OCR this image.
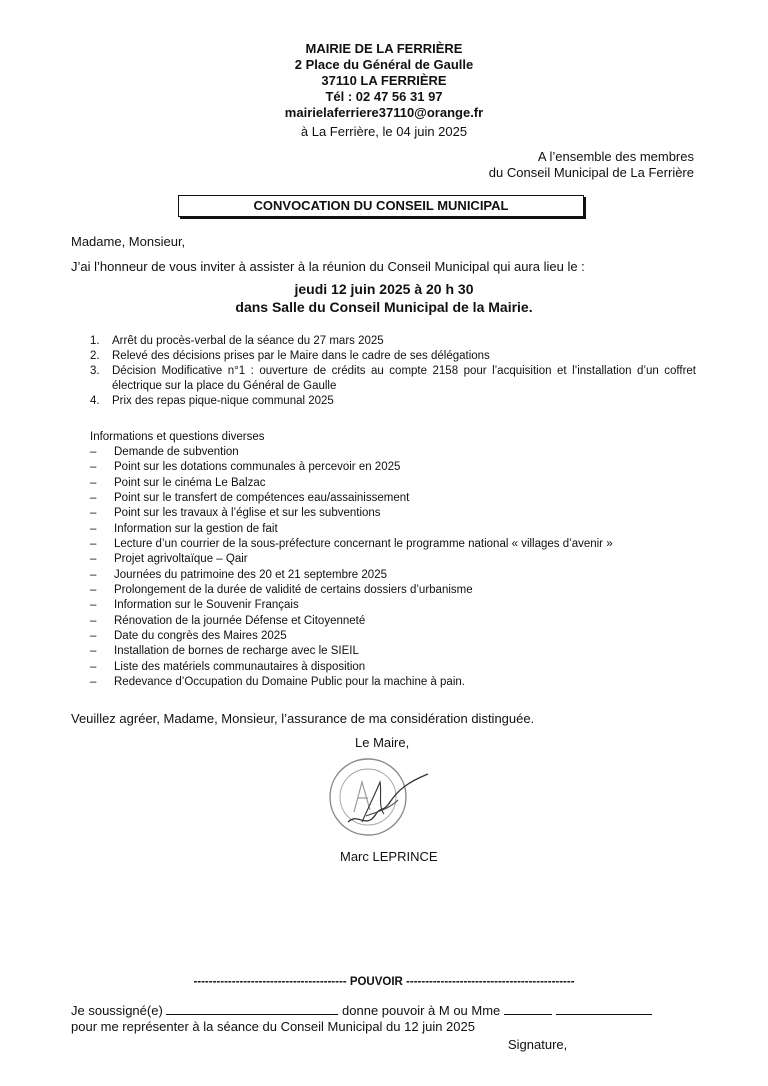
MAIRIE DE LA FERRIÈRE
2 Place du Général de Gaulle
37110 LA FERRIÈRE
Tél : 02 47 56 31 97
mairielaferriere37110@orange.fr
à La Ferrière, le 04 juin 2025
A l’ensemble des membres
du Conseil Municipal de La Ferrière
CONVOCATION DU CONSEIL MUNICIPAL
Madame, Monsieur,
J’ai l’honneur de vous inviter à assister à la réunion du Conseil Municipal qui aura lieu le :
jeudi 12 juin 2025 à 20 h 30
dans Salle du Conseil Municipal de la Mairie.
1. Arrêt du procès-verbal de la séance du 27 mars 2025
2. Relevé des décisions prises par le Maire dans le cadre de ses délégations
3. Décision Modificative n°1 : ouverture de crédits au compte 2158 pour l’acquisition et l’installation d’un coffret électrique sur la place du Général de Gaulle
4. Prix des repas pique-nique communal 2025
Informations et questions diverses
– Demande de subvention
– Point sur les dotations communales à percevoir en 2025
– Point sur le cinéma Le Balzac
– Point sur le transfert de compétences eau/assainissement
– Point sur les travaux à l’église et sur les subventions
– Information sur la gestion de fait
– Lecture d’un courrier de la sous-préfecture concernant le programme national « villages d’avenir »
– Projet agrivoltaïque – Qair
– Journées du patrimoine des 20 et 21 septembre 2025
– Prolongement de la durée de validité de certains dossiers d’urbanisme
– Information sur le Souvenir Français
– Rénovation de la journée Défense et Citoyenneté
– Date du congrès des Maires 2025
– Installation de bornes de recharge avec le SIEIL
– Liste des matériels communautaires à disposition
– Redevance d’Occupation du Domaine Public pour la machine à pain.
Veuillez agréer, Madame, Monsieur, l’assurance de ma considération distinguée.
Le Maire,
Marc LEPRINCE
---------------------------------------- POUVOIR --------------------------------------------
Je soussigné(e)	donne pouvoir à M ou Mme
pour me représenter à la séance du Conseil Municipal du 12 juin 2025
Signature,
